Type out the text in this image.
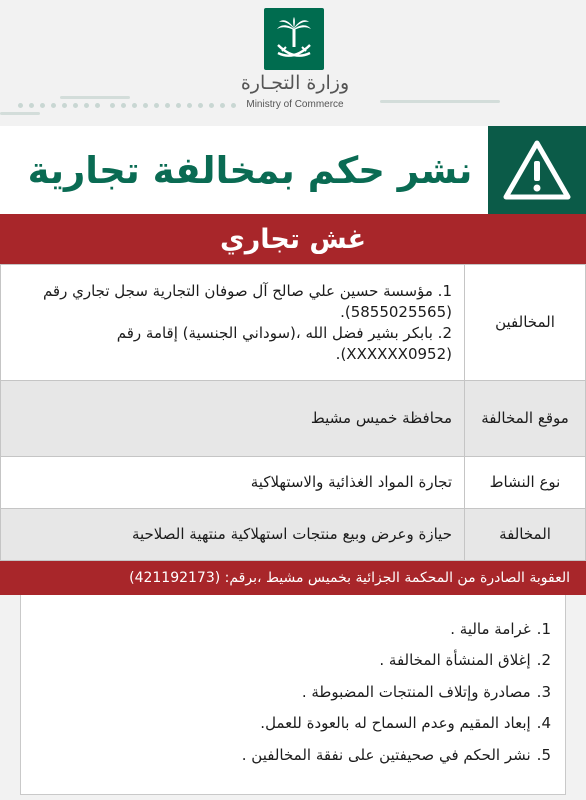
وزارة التجـارة
Ministry of Commerce
نشر حكم بمخالفة تجارية
غش تجاري
المخالفين	1. مؤسسة حسين علي صالح آل صوفان التجارية سجل تجاري رقم (5855025565).
2. بابكر بشير فضل الله ،(سوداني الجنسية) إقامة رقم (XXXXXX0952).

موقع المخالفة	محافظة خميس مشيط
نوع النشاط	تجارة المواد الغذائية والاستهلاكية
المخالفة	حيازة وعرض وبيع منتجات استهلاكية منتهية الصلاحية
العقوبة الصادرة من المحكمة الجزائية بخميس مشيط ،برقم: (421192173)
1.
غرامة مالية .
2.
إغلاق المنشأة المخالفة .
3.
مصادرة وإتلاف المنتجات المضبوطة .
4.
إبعاد المقيم وعدم السماح له بالعودة للعمل.
5.
نشر الحكم في صحيفتين على نفقة المخالفين .
